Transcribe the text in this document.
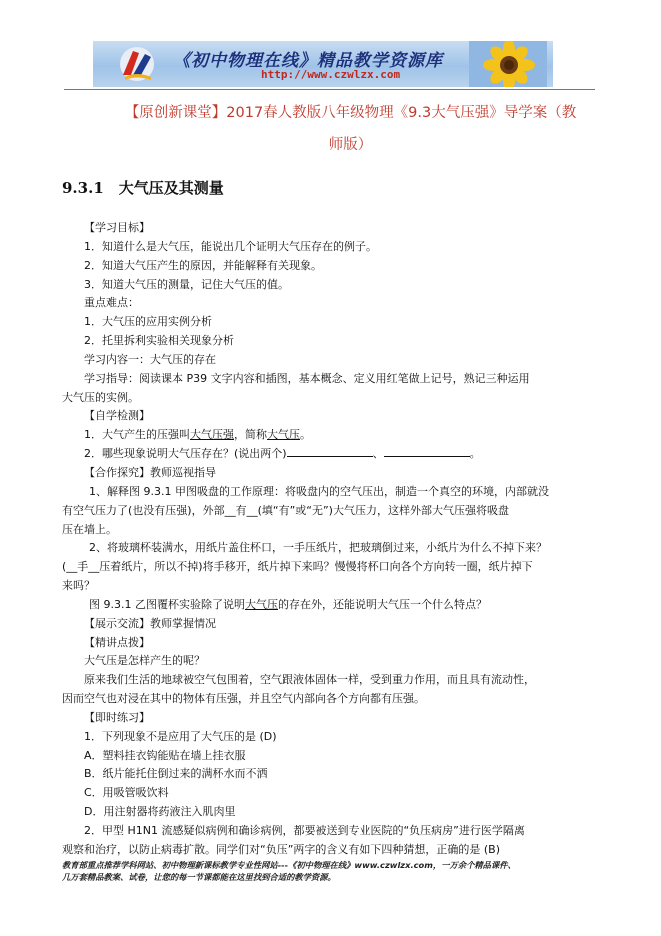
《初中物理在线》精品教学资源库
http://www.czwlzx.com
【原创新课堂】2017春人教版八年级物理《9.3大气压强》导学案（教
师版）
9.3.1　大气压及其测量

【学习目标】

1．知道什么是大气压，能说出几个证明大气压存在的例子。

2．知道大气压产生的原因，并能解释有关现象。

3．知道大气压的测量，记住大气压的值。

重点难点：

1．大气压的应用实例分析

2．托里拆利实验相关现象分析

学习内容一：大气压的存在

学习指导：阅读课本 P39 文字内容和插图，基本概念、定义用红笔做上记号，熟记三种运用

大气压的实例。

【自学检测】

1．大气产生的压强叫大气压强，简称大气压。

2．哪些现象说明大气压存在？(说出两个)	、	。

【合作探究】教师巡视指导

1、解释图 9.3.1 甲图吸盘的工作原理：将吸盘内的空气压出，制造一个真空的环境，内部就没

有空气压力了(也没有压强)，外部__有__(填“有”或“无”)大气压力，这样外部大气压强将吸盘

压在墙上。

2、将玻璃杯装满水，用纸片盖住杯口，一手压纸片，把玻璃倒过来，小纸片为什么不掉下来？

(__手__压着纸片，所以不掉)将手移开，纸片掉下来吗？慢慢将杯口向各个方向转一圈，纸片掉下

来吗？

图 9.3.1 乙图覆杯实验除了说明大气压的存在外，还能说明大气压一个什么特点？

【展示交流】教师掌握情况

【精讲点拨】

大气压是怎样产生的呢？

原来我们生活的地球被空气包围着，空气跟液体固体一样，受到重力作用，而且具有流动性，

因而空气也对浸在其中的物体有压强，并且空气内部向各个方向都有压强。

【即时练习】

1．下列现象不是应用了大气压的是 (D)

A．塑料挂衣钩能贴在墙上挂衣服

B．纸片能托住倒过来的满杯水而不洒

C．用吸管吸饮料

D．用注射器将药液注入肌肉里

2．甲型 H1N1 流感疑似病例和确诊病例，都要被送到专业医院的“负压病房”进行医学隔离

观察和治疗，以防止病毒扩散。同学们对“负压”两字的含义有如下四种猜想，正确的是 (B)

教育部重点推荐学科网站、初中物理新课标教学专业性网站---《初中物理在线》www.czwlzx.com，一万余个精品课件、

几万套精品教案、试卷，让您的每一节课都能在这里找到合适的教学资源。
